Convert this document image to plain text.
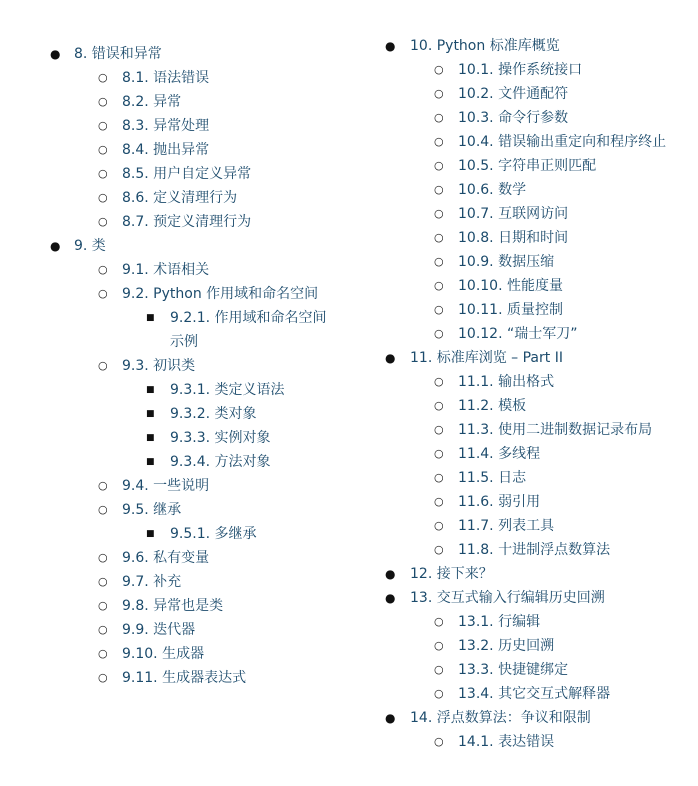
● 8. 错误和异常
○ 8.1. 语法错误
○ 8.2. 异常
○ 8.3. 异常处理
○ 8.4. 抛出异常
○ 8.5. 用户自定义异常
○ 8.6. 定义清理行为
○ 8.7. 预定义清理行为
● 9. 类
○ 9.1. 术语相关
○ 9.2. Python 作用域和命名空间
■ 9.2.1. 作用域和命名空间
示例
○ 9.3. 初识类
■ 9.3.1. 类定义语法
■ 9.3.2. 类对象
■ 9.3.3. 实例对象
■ 9.3.4. 方法对象
○ 9.4. 一些说明
○ 9.5. 继承
■ 9.5.1. 多继承
○ 9.6. 私有变量
○ 9.7. 补充
○ 9.8. 异常也是类
○ 9.9. 迭代器
○ 9.10. 生成器
○ 9.11. 生成器表达式
● 10. Python 标准库概览
○ 10.1. 操作系统接口
○ 10.2. 文件通配符
○ 10.3. 命令行参数
○ 10.4. 错误输出重定向和程序终止
○ 10.5. 字符串正则匹配
○ 10.6. 数学
○ 10.7. 互联网访问
○ 10.8. 日期和时间
○ 10.9. 数据压缩
○ 10.10. 性能度量
○ 10.11. 质量控制
○ 10.12. “瑞士军刀”
● 11. 标准库浏览 – Part II
○ 11.1. 输出格式
○ 11.2. 模板
○ 11.3. 使用二进制数据记录布局
○ 11.4. 多线程
○ 11.5. 日志
○ 11.6. 弱引用
○ 11.7. 列表工具
○ 11.8. 十进制浮点数算法
● 12. 接下来？
● 13. 交互式输入行编辑历史回溯
○ 13.1. 行编辑
○ 13.2. 历史回溯
○ 13.3. 快捷键绑定
○ 13.4. 其它交互式解释器
● 14. 浮点数算法：争议和限制
○ 14.1. 表达错误
